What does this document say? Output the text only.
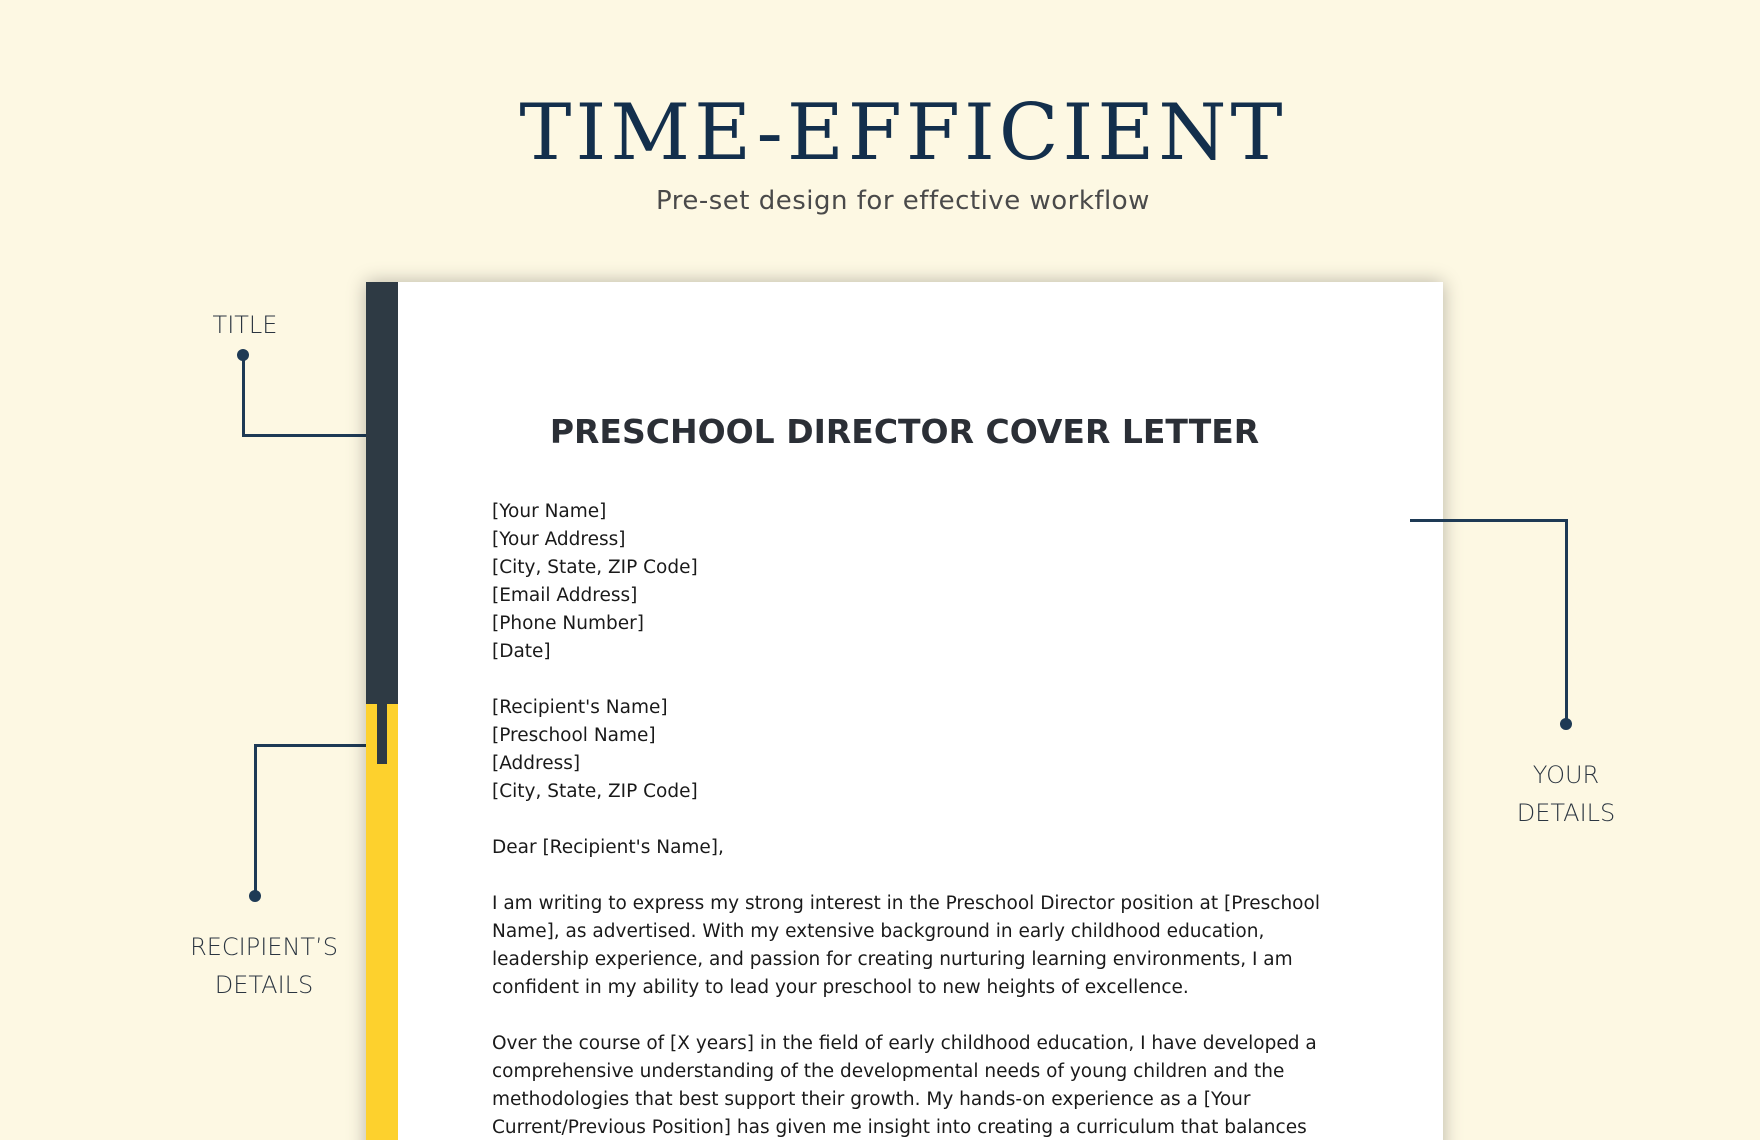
TIME-EFFICIENT
Pre-set design for effective workflow
TITLE
RECIPIENT’S
DETAILS
PRESCHOOL DIRECTOR COVER LETTER
[Your Name]
[Your Address]
[City, State, ZIP Code]
[Email Address]
[Phone Number]
[Date]
[Recipient's Name]
[Preschool Name]
[Address]
[City, State, ZIP Code]

Dear [Recipient's Name],

I am writing to express my strong interest in the Preschool Director position at [Preschool Name], as advertised. With my extensive background in early childhood education, leadership experience, and passion for creating nurturing learning environments, I am confident in my ability to lead your preschool to new heights of excellence.

Over the course of [X years] in the field of early childhood education, I have developed a comprehensive understanding of the developmental needs of young children and the methodologies that best support their growth. My hands-on experience as a [Your Current/Previous Position] has given me insight into creating a curriculum that balances

YOUR
DETAILS
